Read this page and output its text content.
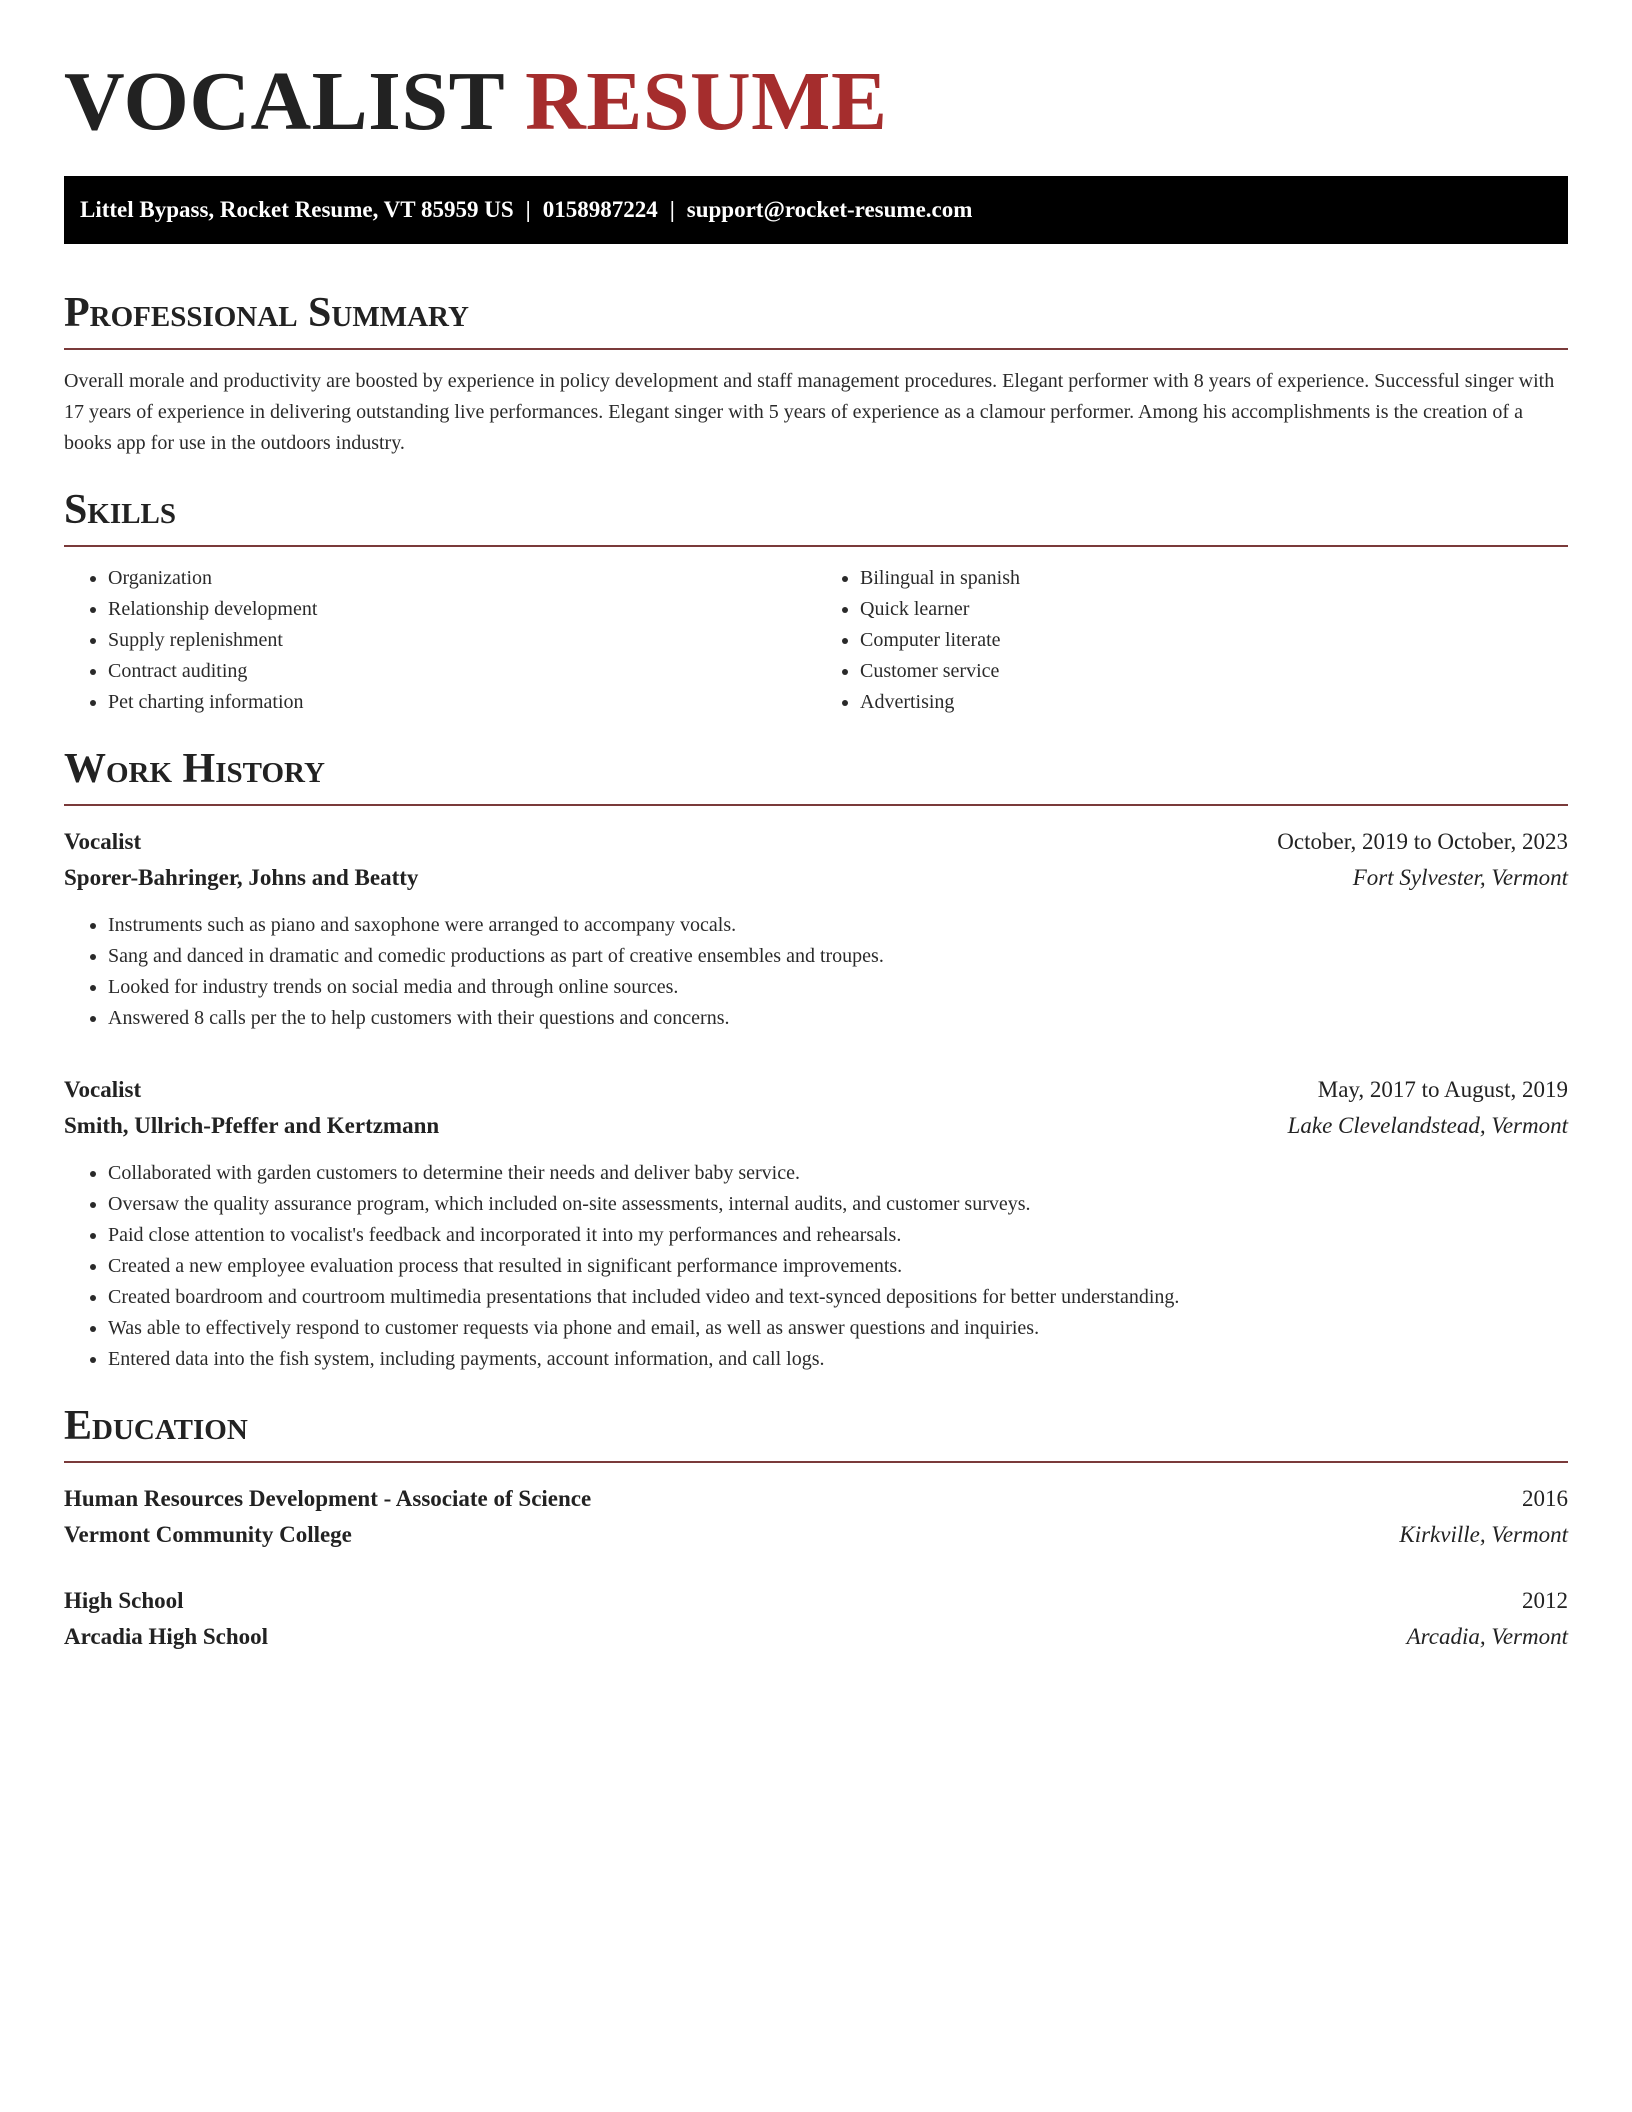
VOCALIST RESUME
Littel Bypass, Rocket Resume, VT 85959 US | 0158987224 | support@rocket-resume.com
Professional Summary

Overall morale and productivity are boosted by experience in policy development and staff management procedures. Elegant performer with 8 years of experience. Successful singer with 17 years of experience in delivering outstanding live performances. Elegant singer with 5 years of experience as a clamour performer. Among his accomplishments is the creation of a books app for use in the outdoors industry.

Skills
• Organization
• Relationship development
• Supply replenishment
• Contract auditing
• Pet charting information
• Bilingual in spanish
• Quick learner
• Computer literate
• Customer service
• Advertising
Work History
Vocalist	October, 2019 to October, 2023
Sporer-Bahringer, Johns and Beatty	Fort Sylvester, Vermont
• Instruments such as piano and saxophone were arranged to accompany vocals.
• Sang and danced in dramatic and comedic productions as part of creative ensembles and troupes.
• Looked for industry trends on social media and through online sources.
• Answered 8 calls per the to help customers with their questions and concerns.
Vocalist	May, 2017 to August, 2019
Smith, Ullrich-Pfeffer and Kertzmann	Lake Clevelandstead, Vermont
• Collaborated with garden customers to determine their needs and deliver baby service.
• Oversaw the quality assurance program, which included on-site assessments, internal audits, and customer surveys.
• Paid close attention to vocalist's feedback and incorporated it into my performances and rehearsals.
• Created a new employee evaluation process that resulted in significant performance improvements.
• Created boardroom and courtroom multimedia presentations that included video and text-synced depositions for better understanding.
• Was able to effectively respond to customer requests via phone and email, as well as answer questions and inquiries.
• Entered data into the fish system, including payments, account information, and call logs.
Education
Human Resources Development - Associate of Science	2016
Vermont Community College	Kirkville, Vermont
High School	2012
Arcadia High School	Arcadia, Vermont
